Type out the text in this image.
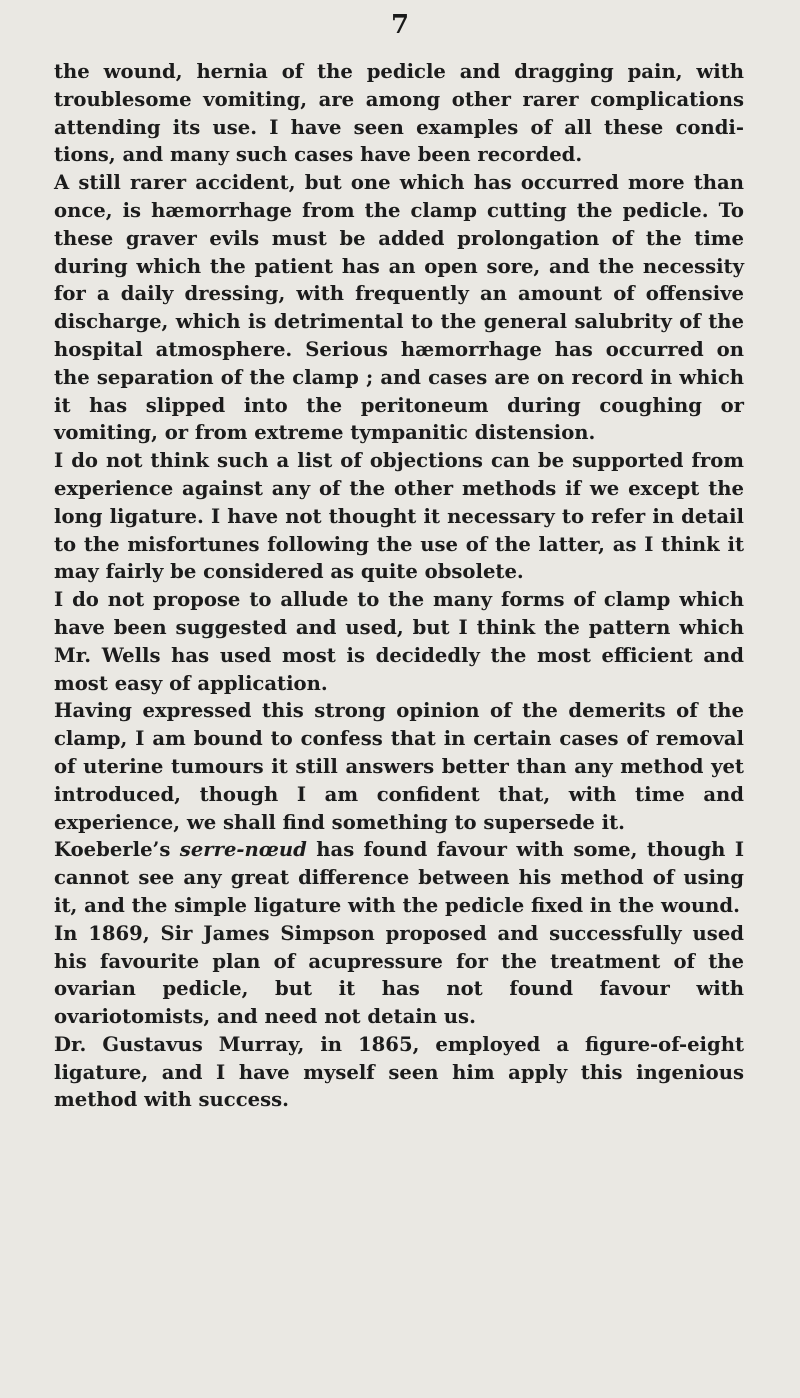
7

the wound, hernia of the pedicle and dragging pain, with troublesome vomiting, are among other rarer complications attending its use. I have seen examples of all these condi- tions, and many such cases have been recorded.

A still rarer accident, but one which has occurred more than once, is hæmorrhage from the clamp cutting the pedicle. To these graver evils must be added prolongation of the time during which the patient has an open sore, and the necessity for a daily dressing, with frequently an amount of offensive discharge, which is detrimental to the general salubrity of the hospital atmosphere. Serious hæmorrhage has occurred on the separation of the clamp ; and cases are on record in which it has slipped into the peritoneum during coughing or vomiting, or from extreme tympanitic distension.

I do not think such a list of objections can be supported from experience against any of the other methods if we except the long ligature. I have not thought it necessary to refer in detail to the misfortunes following the use of the latter, as I think it may fairly be considered as quite obsolete.

I do not propose to allude to the many forms of clamp which have been suggested and used, but I think the pattern which Mr. Wells has used most is decidedly the most efficient and most easy of application.

Having expressed this strong opinion of the demerits of the clamp, I am bound to confess that in certain cases of removal of uterine tumours it still answers better than any method yet introduced, though I am confident that, with time and experience, we shall find something to supersede it.

Koeberle’s serre-nœud has found favour with some, though I cannot see any great difference between his method of using it, and the simple ligature with the pedicle fixed in the wound.

In 1869, Sir James Simpson proposed and successfully used his favourite plan of acupressure for the treatment of the ovarian pedicle, but it has not found favour with ovariotomists, and need not detain us.

Dr. Gustavus Murray, in 1865, employed a figure-of-eight ligature, and I have myself seen him apply this ingenious method with success.
